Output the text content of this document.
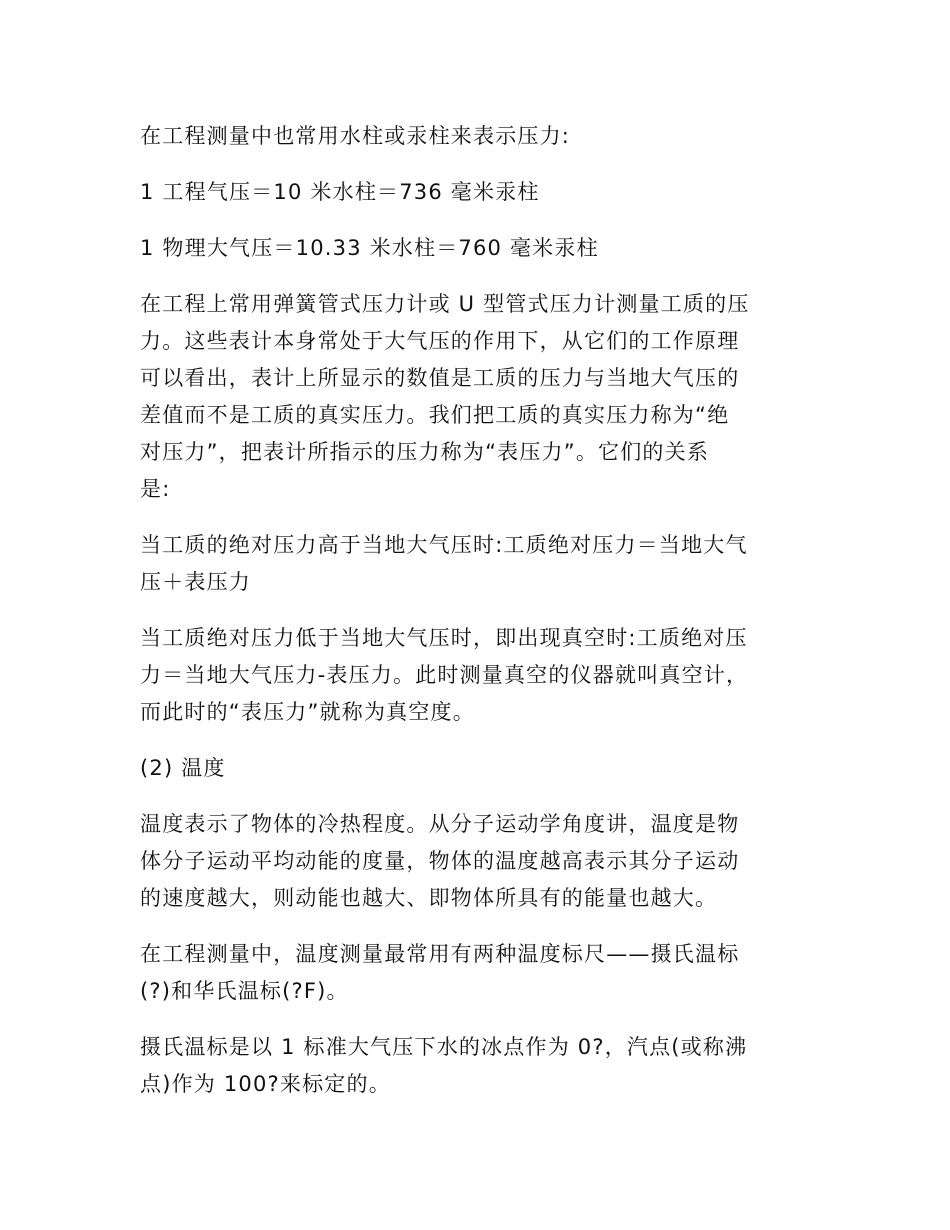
在工程测量中也常用水柱或汞柱来表示压力:

1 工程气压＝10 米水柱＝736 毫米汞柱

1 物理大气压＝10.33 米水柱＝760 毫米汞柱

在工程上常用弹簧管式压力计或 U 型管式压力计测量工质的压
力。这些表计本身常处于大气压的作用下，从它们的工作原理
可以看出，表计上所显示的数值是工质的压力与当地大气压的
差值而不是工质的真实压力。我们把工质的真实压力称为“绝
对压力”，把表计所指示的压力称为“表压力”。它们的关系
是:

当工质的绝对压力高于当地大气压时:工质绝对压力＝当地大气
压＋表压力

当工质绝对压力低于当地大气压时，即出现真空时:工质绝对压
力＝当地大气压力-表压力。此时测量真空的仪器就叫真空计，
而此时的“表压力”就称为真空度。

(2) 温度

温度表示了物体的冷热程度。从分子运动学角度讲，温度是物
体分子运动平均动能的度量，物体的温度越高表示其分子运动
的速度越大，则动能也越大、即物体所具有的能量也越大。

在工程测量中，温度测量最常用有两种温度标尺——摄氏温标
(?)和华氏温标(?F)。

摄氏温标是以 1 标准大气压下水的冰点作为 0?，汽点(或称沸
点)作为 100?来标定的。
